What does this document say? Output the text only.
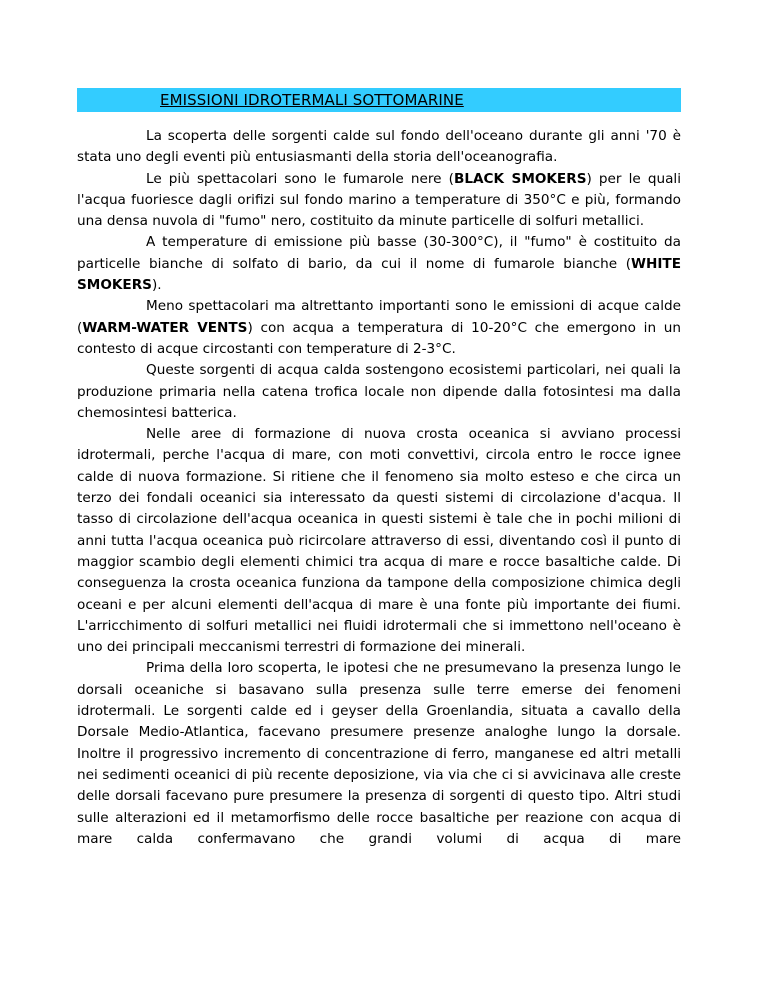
EMISSIONI IDROTERMALI SOTTOMARINE

La scoperta delle sorgenti calde sul fondo dell'oceano durante gli anni '70 è stata uno degli eventi più entusiasmanti della storia dell'oceanografia.

Le più spettacolari sono le fumarole nere (BLACK SMOKERS) per le quali l'acqua fuoriesce dagli orifizi sul fondo marino a temperature di 350°C e più, formando una densa nuvola di "fumo" nero, costituito da minute particelle di solfuri metallici.

A temperature di emissione più basse (30-300°C), il "fumo" è costituito da particelle bianche di solfato di bario, da cui il nome di fumarole bianche (WHITE SMOKERS).

Meno spettacolari ma altrettanto importanti sono le emissioni di acque calde (WARM-WATER VENTS) con acqua a temperatura di 10-20°C che emergono in un contesto di acque circostanti con temperature di 2-3°C.

Queste sorgenti di acqua calda sostengono ecosistemi particolari, nei quali la produzione primaria nella catena trofica locale non dipende dalla fotosintesi ma dalla chemosintesi batterica.

Nelle aree di formazione di nuova crosta oceanica si avviano processi idrotermali, perche l'acqua di mare, con moti convettivi, circola entro le rocce ignee calde di nuova formazione. Si ritiene che il fenomeno sia molto esteso e che circa un terzo dei fondali oceanici sia interessato da questi sistemi di circolazione d'acqua. Il tasso di circolazione dell'acqua oceanica in questi sistemi è tale che in pochi milioni di anni tutta l'acqua oceanica può ricircolare attraverso di essi, diventando così il punto di maggior scambio degli elementi chimici tra acqua di mare e rocce basaltiche calde. Di conseguenza la crosta oceanica funziona da tampone della composizione chimica degli oceani e per alcuni elementi dell'acqua di mare è una fonte più importante dei fiumi. L'arricchimento di solfuri metallici nei fluidi idrotermali che si immettono nell'oceano è uno dei principali meccanismi terrestri di formazione dei minerali.

Prima della loro scoperta, le ipotesi che ne presumevano la presenza lungo le dorsali oceaniche si basavano sulla presenza sulle terre emerse dei fenomeni idrotermali. Le sorgenti calde ed i geyser della Groenlandia, situata a cavallo della Dorsale Medio-Atlantica, facevano presumere presenze analoghe lungo la dorsale. Inoltre il progressivo incremento di concentrazione di ferro, manganese ed altri metalli nei sedimenti oceanici di più recente deposizione, via via che ci si avvicinava alle creste delle dorsali facevano pure presumere la presenza di sorgenti di questo tipo. Altri studi sulle alterazioni ed il metamorfismo delle rocce basaltiche per reazione con acqua di mare calda confermavano che grandi volumi di acqua di mare
